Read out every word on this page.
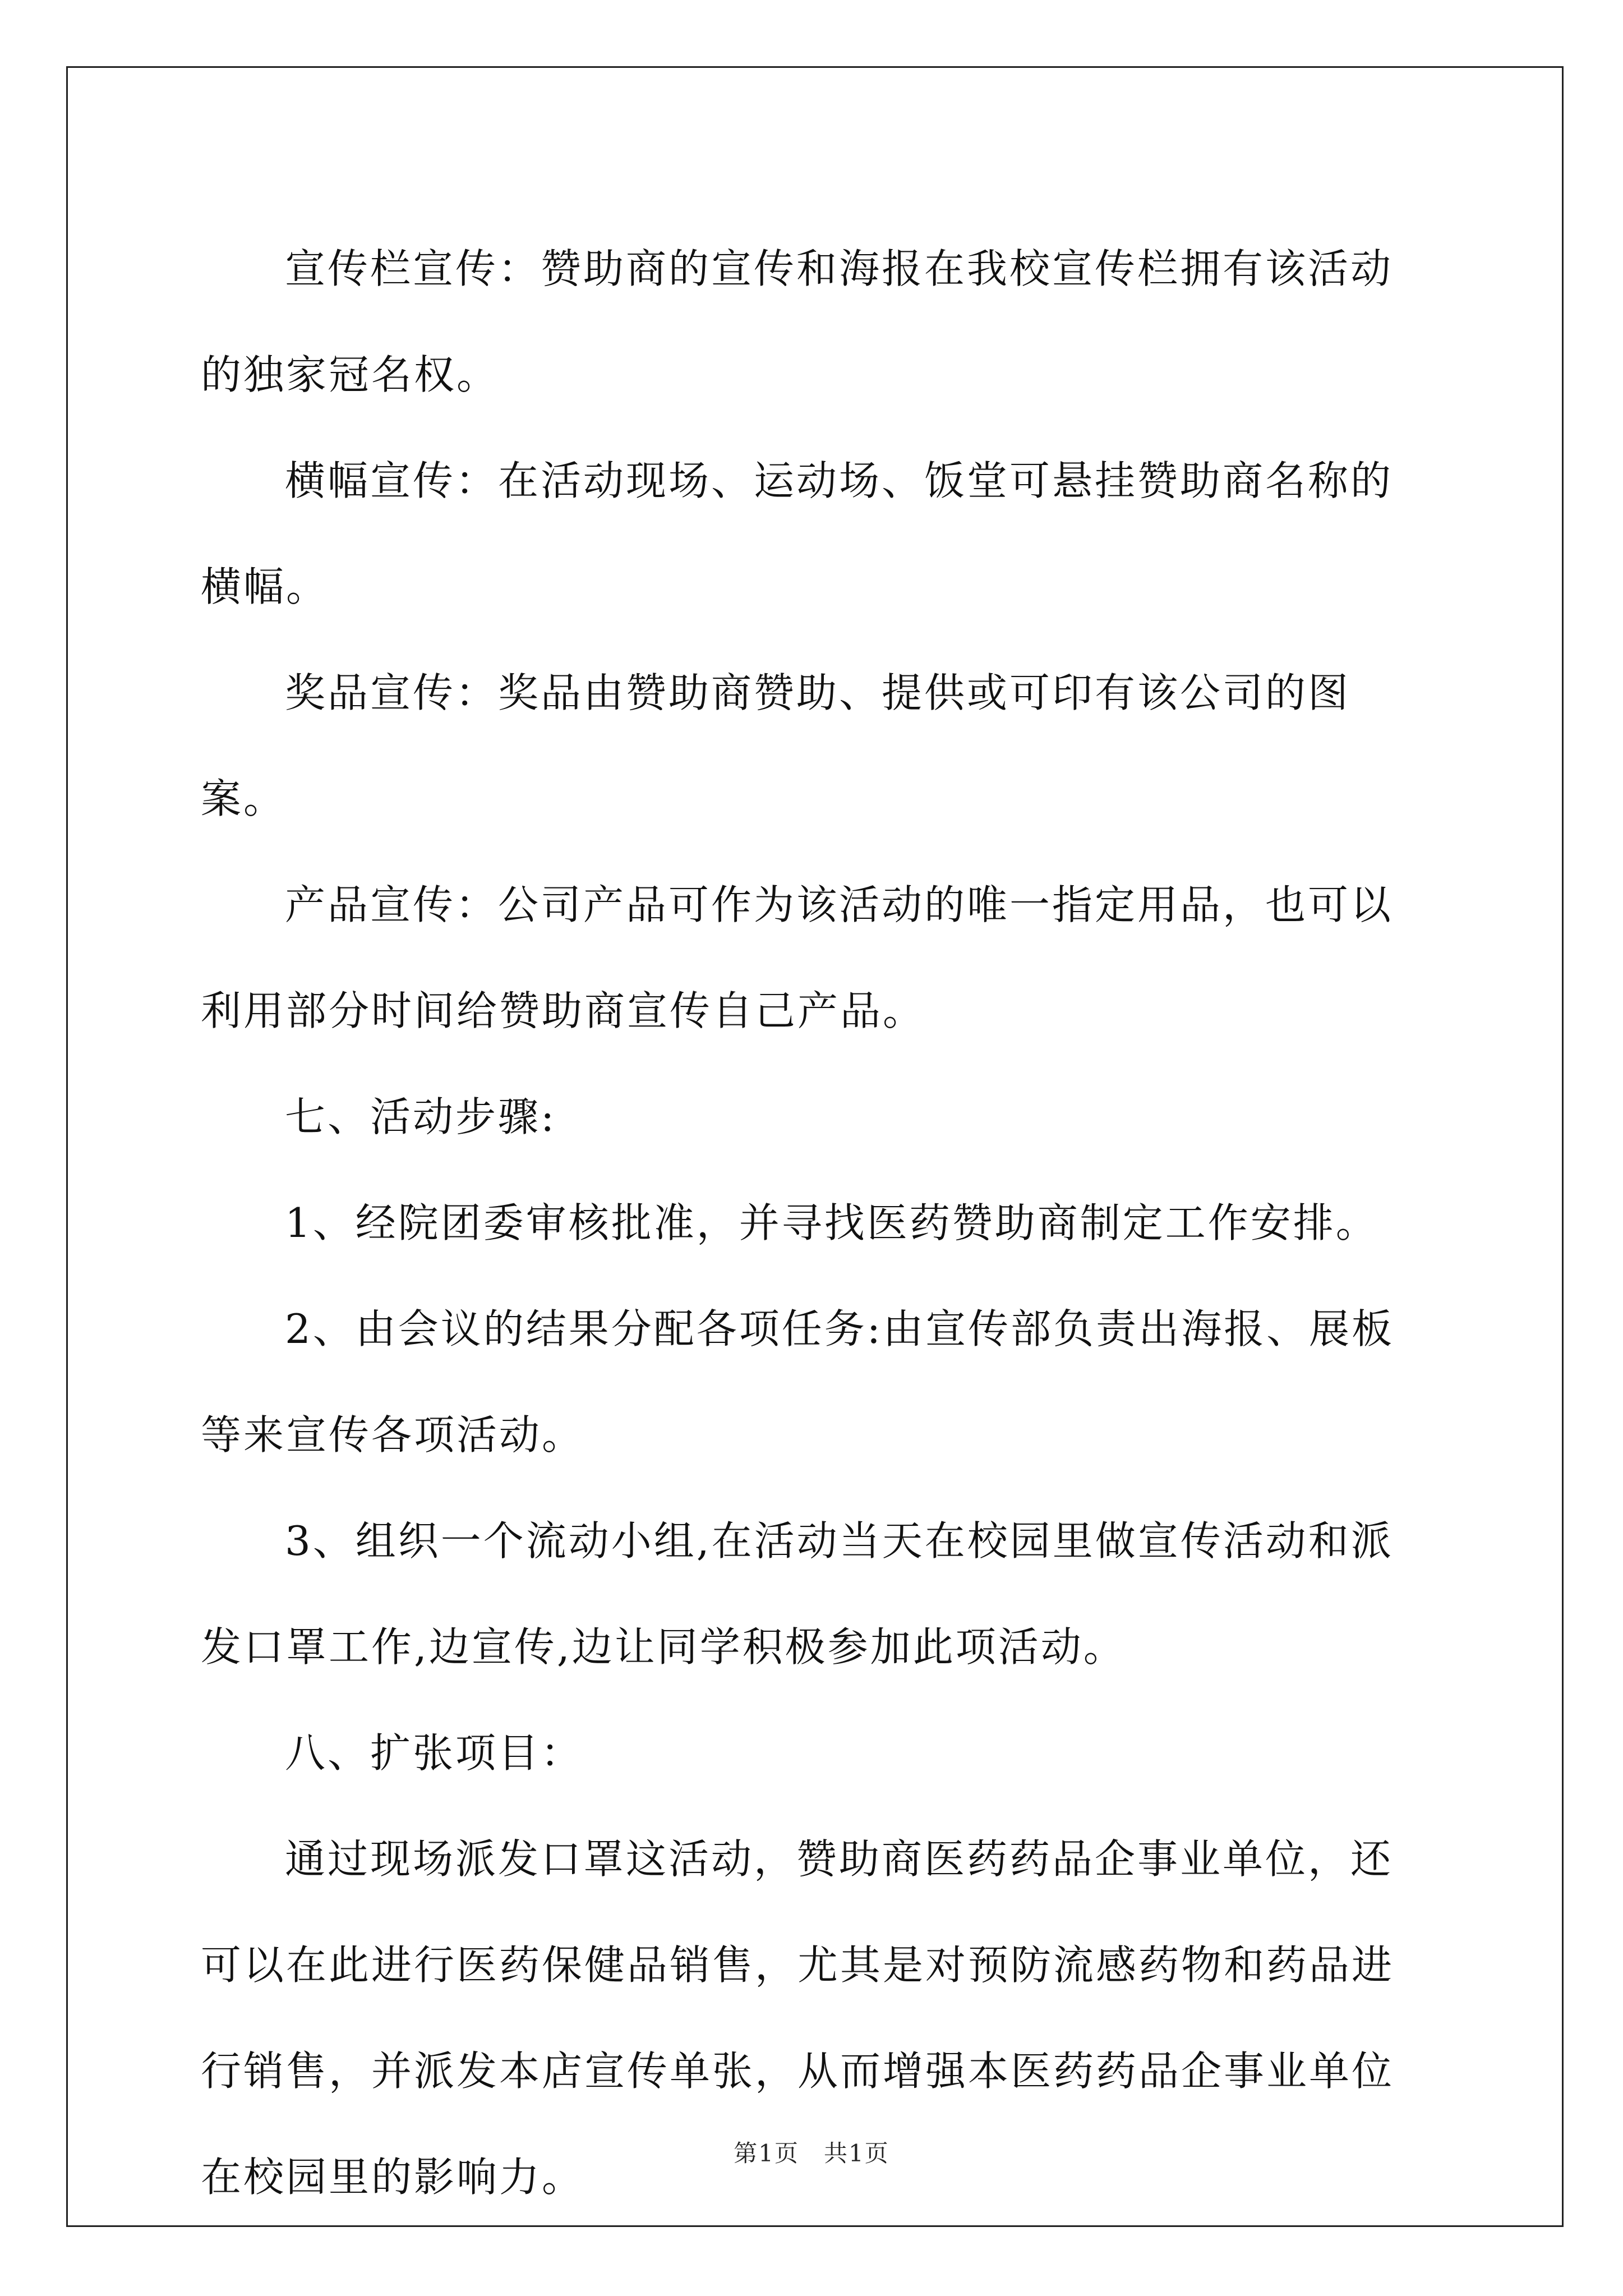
宣传栏宣传：赞助商的宣传和海报在我校宣传栏拥有该活动的独家冠名权。

横幅宣传：在活动现场、运动场、饭堂可悬挂赞助商名称的横幅。

奖品宣传：奖品由赞助商赞助、提供或可印有该公司的图案。

产品宣传：公司产品可作为该活动的唯一指定用品，也可以利用部分时间给赞助商宣传自己产品。

七、活动步骤:

1、经院团委审核批准，并寻找医药赞助商制定工作安排。

2、由会议的结果分配各项任务:由宣传部负责出海报、展板等来宣传各项活动。

3、组织一个流动小组,在活动当天在校园里做宣传活动和派发口罩工作,边宣传,边让同学积极参加此项活动。

八、扩张项目：

通过现场派发口罩这活动，赞助商医药药品企事业单位，还可以在此进行医药保健品销售，尤其是对预防流感药物和药品进行销售，并派发本店宣传单张，从而增强本医药药品企事业单位在校园里的影响力。

第1页　共1页
